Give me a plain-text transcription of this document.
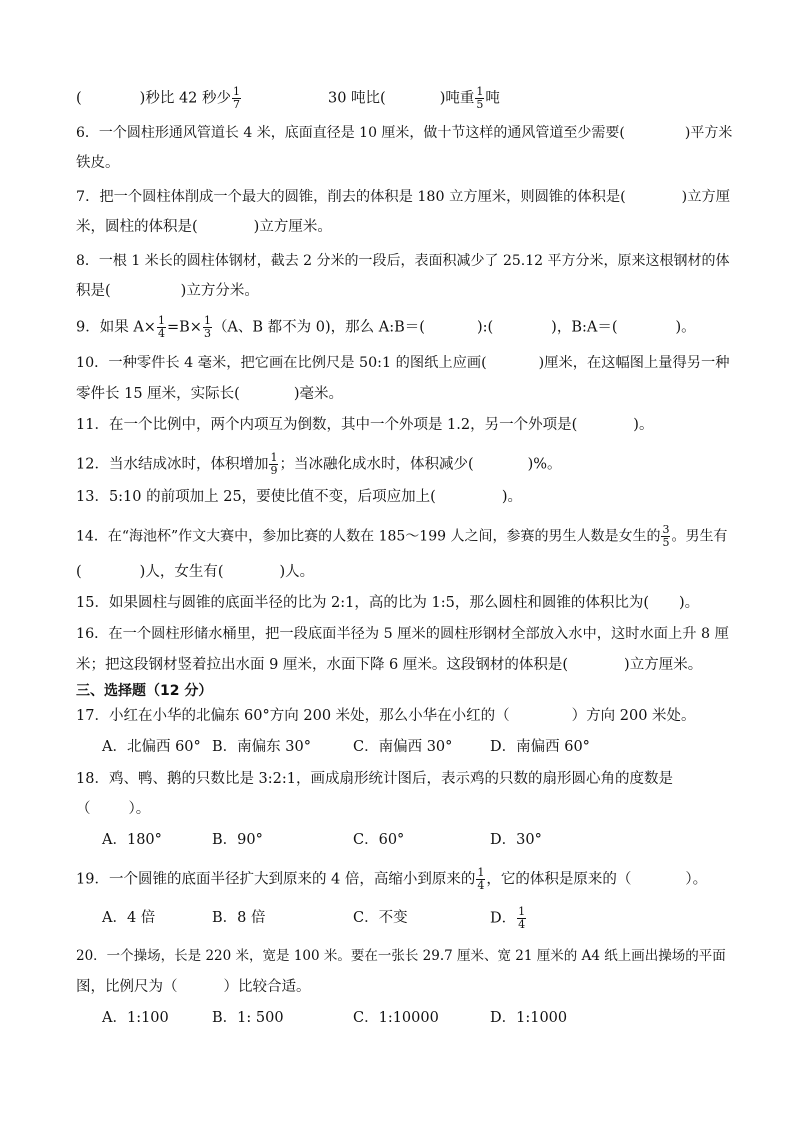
(	)秒比 42 秒少 $\frac{1}{7}$	30 吨比(	)吨重 $\frac{1}{5}$ 吨
6．一个圆柱形通风管道长 4 米，底面直径是 10 厘米，做十节这样的通风管道至少需要(	)平方米
铁皮。
7．把一个圆柱体削成一个最大的圆锥，削去的体积是 180 立方厘米，则圆锥的体积是(	)立方厘
米，圆柱的体积是(	)立方厘米。
8．一根 1 米长的圆柱体钢材，截去 2 分米的一段后，表面积减少了 25.12 平方分米，原来这根钢材的体
积是(	)立方分米。
9．如果 $A\times \frac{1}{4} =B\times \frac{1}{3} (A$、B 都不为 0)，那么 A:B＝(	):(	)，B:A＝(	)。
10．一种零件长 4 毫米，把它画在比例尺是 50:1 的图纸上应画(	)厘米，在这幅图上量得另一种
零件长 15 厘米，实际长(	)毫米。
11．在一个比例中，两个内项互为倒数，其中一个外项是 1.2，另一个外项是(	)。
12．当水结成冰时，体积增加 $\frac{1}{9}$ ；当冰融化成水时，体积减少(	)%。
13．5:10 的前项加上 25，要使比值不变，后项应加上(	)。
14．在“海池杯”作文大赛中，参加比赛的人数在 185～199 人之间，参赛的男生人数是女生的 $\frac{3}{5}$ 。男生有
(	)人，女生有(	)人。
15．如果圆柱与圆锥的底面半径的比为 2:1，高的比为 1:5，那么圆柱和圆锥的体积比为( )。
16．在一个圆柱形储水桶里，把一段底面半径为 5 厘米的圆柱形钢材全部放入水中，这时水面上升 8 厘
米；把这段钢材竖着拉出水面 9 厘米，水面下降 6 厘米。这段钢材的体积是(	)立方厘米。
三、选择题（12 分）
17．小红在小华的北偏东 60°方向 200 米处，那么小华在小红的（	）方向 200 米处。
A．北偏西 60° B．南偏东 30°	C．南偏西 30°	D．南偏西 60°
18．鸡、鸭、鹅的只数比是 3:2:1，画成扇形统计图后，表示鸡的只数的扇形圆心角的度数是
（	）。
A．180°	B．90°	C．60°	D．30°
19．一个圆锥的底面半径扩大到原来的 4 倍，高缩小到原来的 $\frac{1}{4}$ ，它的体积是原来的（	）。
A．4 倍	B．8 倍	C．不变	D． $\frac{1}{4}$
20．一个操场，长是 220 米，宽是 100 米。要在一张长 29.7 厘米、宽 21 厘米的 A4 纸上画出操场的平面
图，比例尺为（	）比较合适。
A．1:100	B．1: 500	C．1:10000	D．1:1000
